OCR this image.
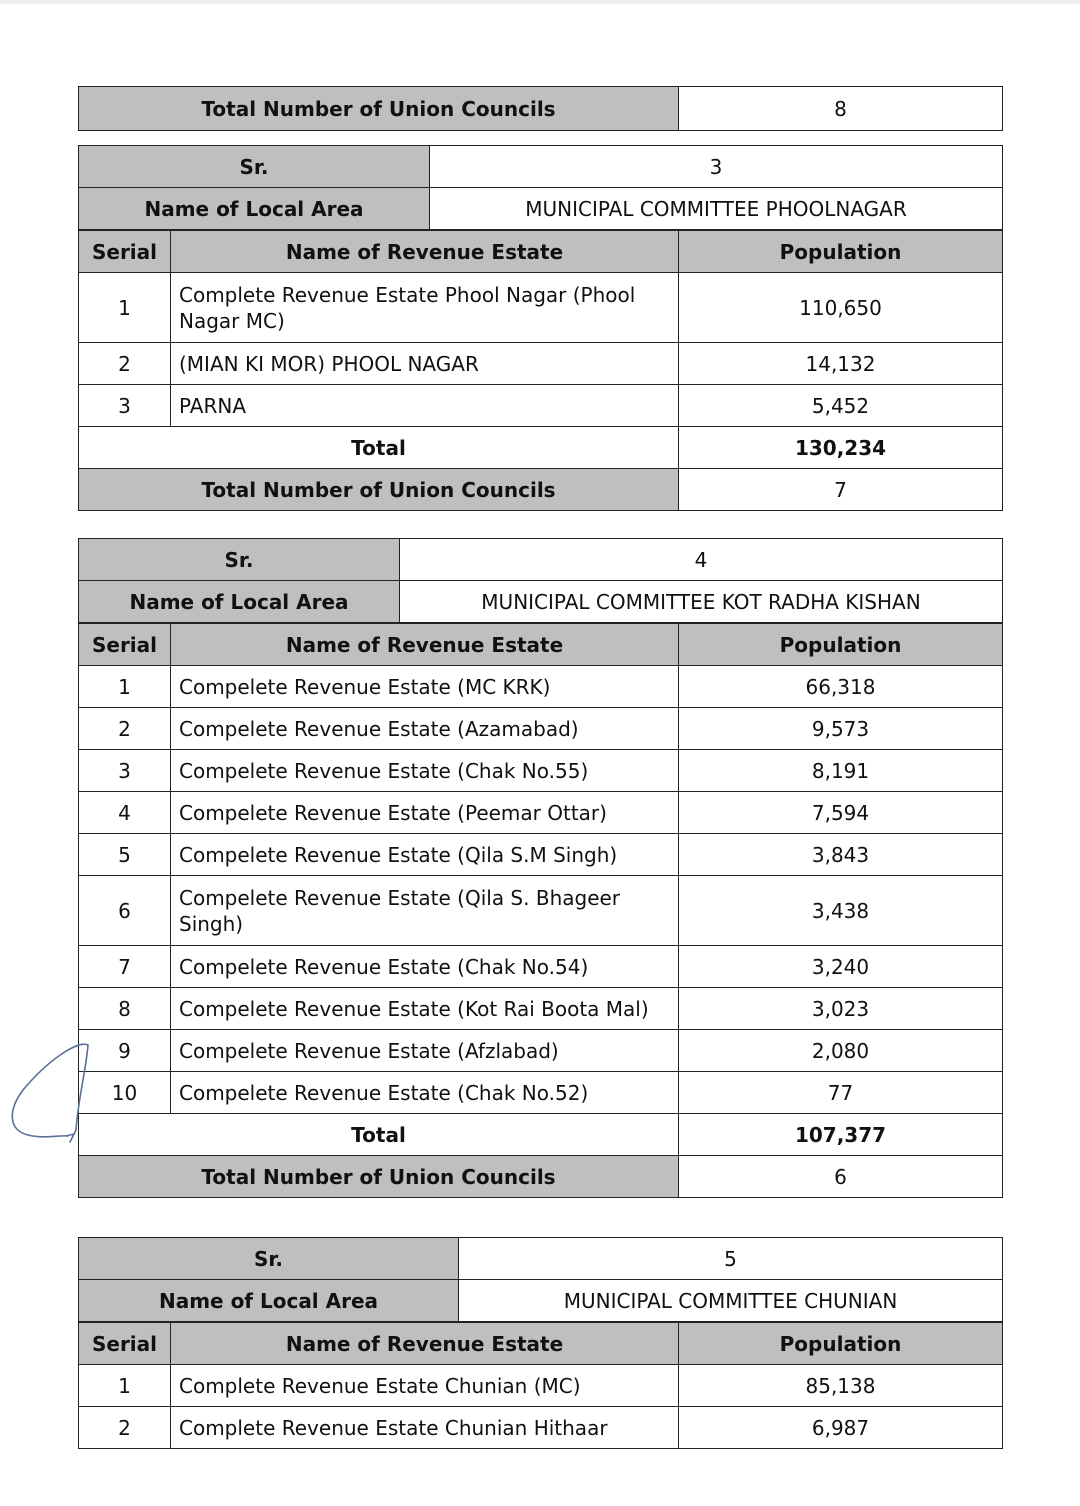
Total Number of Union Councils	8
Sr.	3
Name of Local Area	MUNICIPAL COMMITTEE PHOOLNAGAR
Serial	Name of Revenue Estate	Population
1	Complete Revenue Estate Phool Nagar (Phool Nagar MC)	110,650
2	(MIAN KI MOR) PHOOL NAGAR	14,132
3	PARNA	5,452
Total		130,234
Total Number of Union Councils		7
Sr.	4
Name of Local Area	MUNICIPAL COMMITTEE KOT RADHA KISHAN
Serial	Name of Revenue Estate	Population
1	Compelete Revenue Estate (MC KRK)	66,318
2	Compelete Revenue Estate (Azamabad)	9,573
3	Compelete Revenue Estate (Chak No.55)	8,191
4	Compelete Revenue Estate (Peemar Ottar)	7,594
5	Compelete Revenue Estate (Qila S.M Singh)	3,843
6	Compelete Revenue Estate (Qila S. Bhageer Singh)	3,438
7	Compelete Revenue Estate (Chak No.54)	3,240
8	Compelete Revenue Estate (Kot Rai Boota Mal)	3,023
9	Compelete Revenue Estate (Afzlabad)	2,080
10	Compelete Revenue Estate (Chak No.52)	77
Total		107,377
Total Number of Union Councils		6
Sr.	5
Name of Local Area	MUNICIPAL COMMITTEE CHUNIAN
Serial	Name of Revenue Estate	Population
1	Complete Revenue Estate Chunian (MC)	85,138
2	Complete Revenue Estate Chunian Hithaar	6,987
